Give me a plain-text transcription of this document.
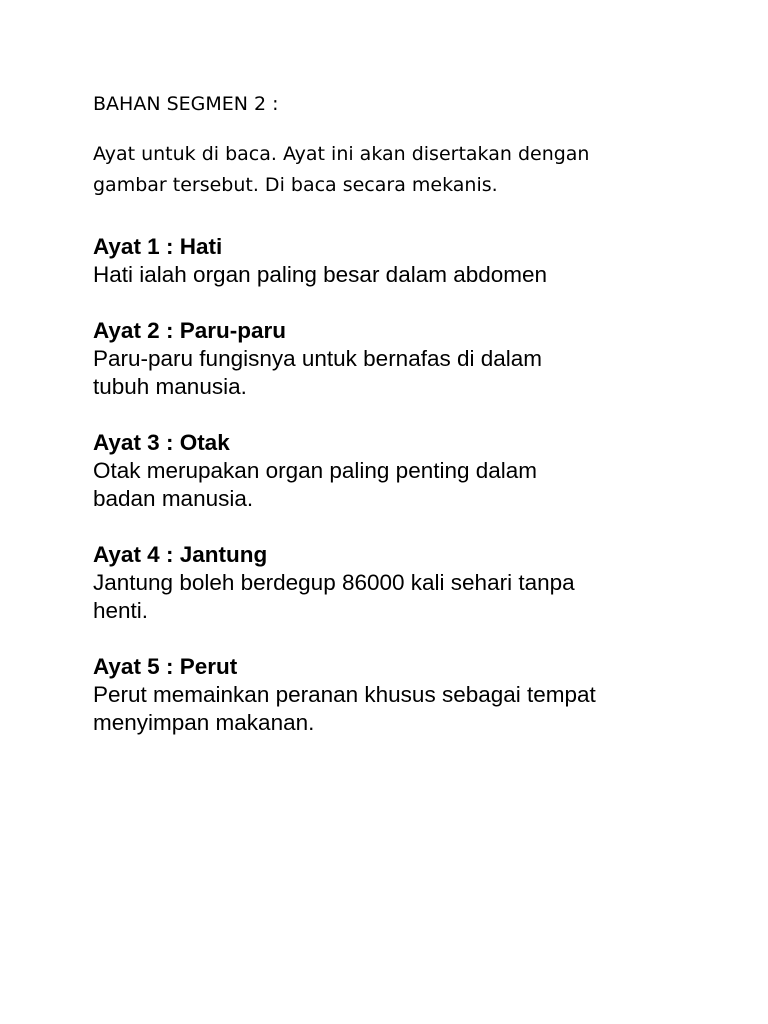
BAHAN SEGMEN 2 :

Ayat untuk di baca. Ayat ini akan disertakan dengan
gambar tersebut. Di baca secara mekanis.
Ayat 1 : Hati
Hati ialah organ paling besar dalam abdomen
Ayat 2 : Paru-paru
Paru-paru fungisnya untuk bernafas di dalam
tubuh manusia.
Ayat 3 : Otak
Otak merupakan organ paling penting dalam
badan manusia.
Ayat 4 : Jantung
Jantung boleh berdegup 86000 kali sehari tanpa
henti.
Ayat 5 : Perut
Perut memainkan peranan khusus sebagai tempat
menyimpan makanan.
